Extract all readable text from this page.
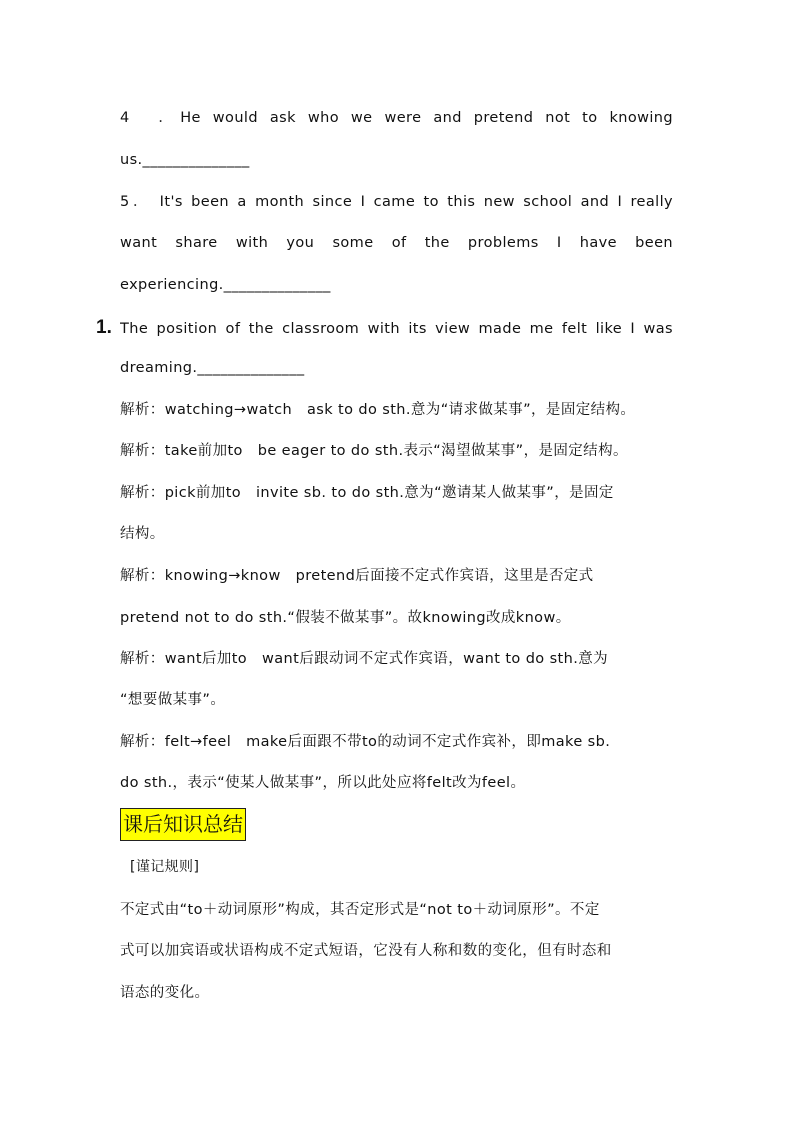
4　．He would ask who we were and pretend not to knowing
us.______________
5． It's been a month since I came to this new school and I really
want share with you some of the problems I have been
experiencing.______________
1. The position of the classroom with its view made me felt like I was
dreaming.______________
解析：watching→watch　ask to do sth.意为“请求做某事”，是固定结构。
解析：take前加to　be eager to do sth.表示“渴望做某事”，是固定结构。
解析：pick前加to　invite sb. to do sth.意为“邀请某人做某事”，是固定
结构。
解析：knowing→know　pretend后面接不定式作宾语，这里是否定式
pretend not to do sth.“假装不做某事”。故knowing改成know。
解析：want后加to　want后跟动词不定式作宾语，want to do sth.意为
“想要做某事”。
解析：felt→feel　make后面跟不带to的动词不定式作宾补，即make sb.
do sth.，表示“使某人做某事”，所以此处应将felt改为feel。
课后知识总结
[谨记规则]
不定式由“to＋动词原形”构成，其否定形式是“not to＋动词原形”。不定
式可以加宾语或状语构成不定式短语，它没有人称和数的变化，但有时态和
语态的变化。
